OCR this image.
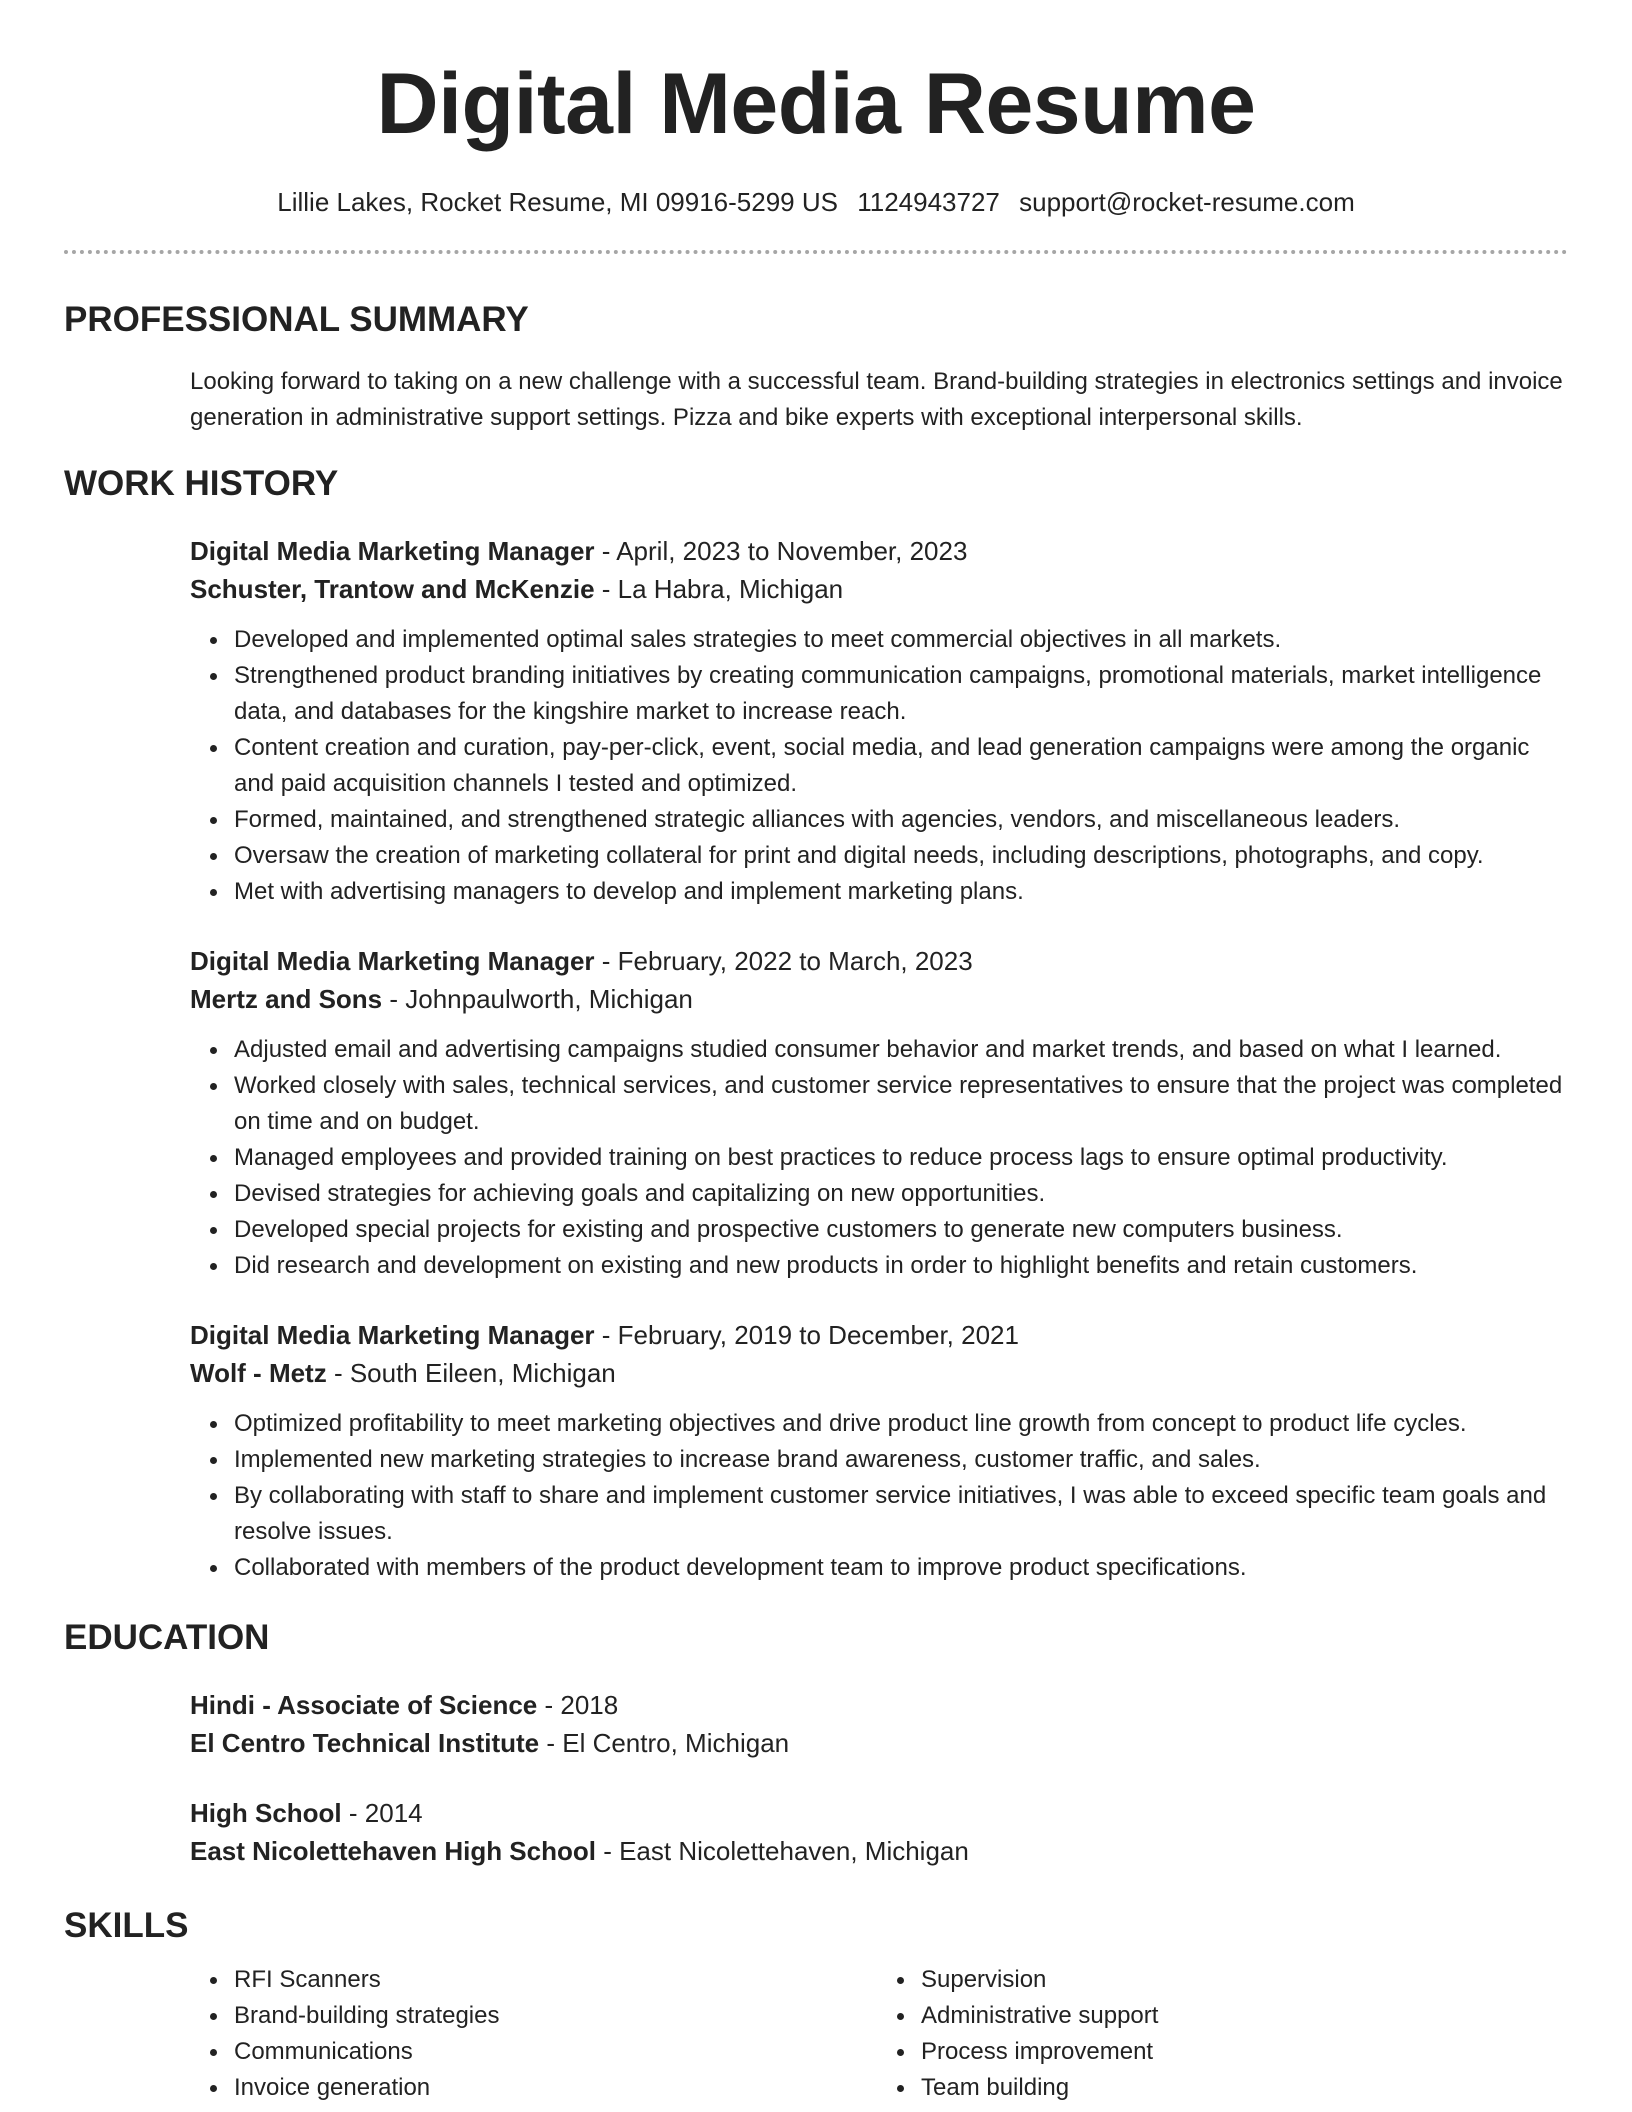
Digital Media Resume
Lillie Lakes, Rocket Resume, MI 09916-5299 US 1124943727 support@rocket-resume.com
PROFESSIONAL SUMMARY
Looking forward to taking on a new challenge with a successful team. Brand-building strategies in electronics settings and invoice generation in administrative support settings. Pizza and bike experts with exceptional interpersonal skills.
WORK HISTORY
Digital Media Marketing Manager - April, 2023 to November, 2023
Schuster, Trantow and McKenzie - La Habra, Michigan
Developed and implemented optimal sales strategies to meet commercial objectives in all markets.
Strengthened product branding initiatives by creating communication campaigns, promotional materials, market intelligence data, and databases for the kingshire market to increase reach.
Content creation and curation, pay-per-click, event, social media, and lead generation campaigns were among the organic and paid acquisition channels I tested and optimized.
Formed, maintained, and strengthened strategic alliances with agencies, vendors, and miscellaneous leaders.
Oversaw the creation of marketing collateral for print and digital needs, including descriptions, photographs, and copy.
Met with advertising managers to develop and implement marketing plans.
Digital Media Marketing Manager - February, 2022 to March, 2023
Mertz and Sons - Johnpaulworth, Michigan
Adjusted email and advertising campaigns studied consumer behavior and market trends, and based on what I learned.
Worked closely with sales, technical services, and customer service representatives to ensure that the project was completed on time and on budget.
Managed employees and provided training on best practices to reduce process lags to ensure optimal productivity.
Devised strategies for achieving goals and capitalizing on new opportunities.
Developed special projects for existing and prospective customers to generate new computers business.
Did research and development on existing and new products in order to highlight benefits and retain customers.
Digital Media Marketing Manager - February, 2019 to December, 2021
Wolf - Metz - South Eileen, Michigan
Optimized profitability to meet marketing objectives and drive product line growth from concept to product life cycles.
Implemented new marketing strategies to increase brand awareness, customer traffic, and sales.
By collaborating with staff to share and implement customer service initiatives, I was able to exceed specific team goals and resolve issues.
Collaborated with members of the product development team to improve product specifications.
EDUCATION
Hindi - Associate of Science - 2018
El Centro Technical Institute - El Centro, Michigan
High School - 2014
East Nicolettehaven High School - East Nicolettehaven, Michigan
SKILLS
RFI Scanners
Brand-building strategies
Communications
Invoice generation
Supervision
Administrative support
Process improvement
Team building
